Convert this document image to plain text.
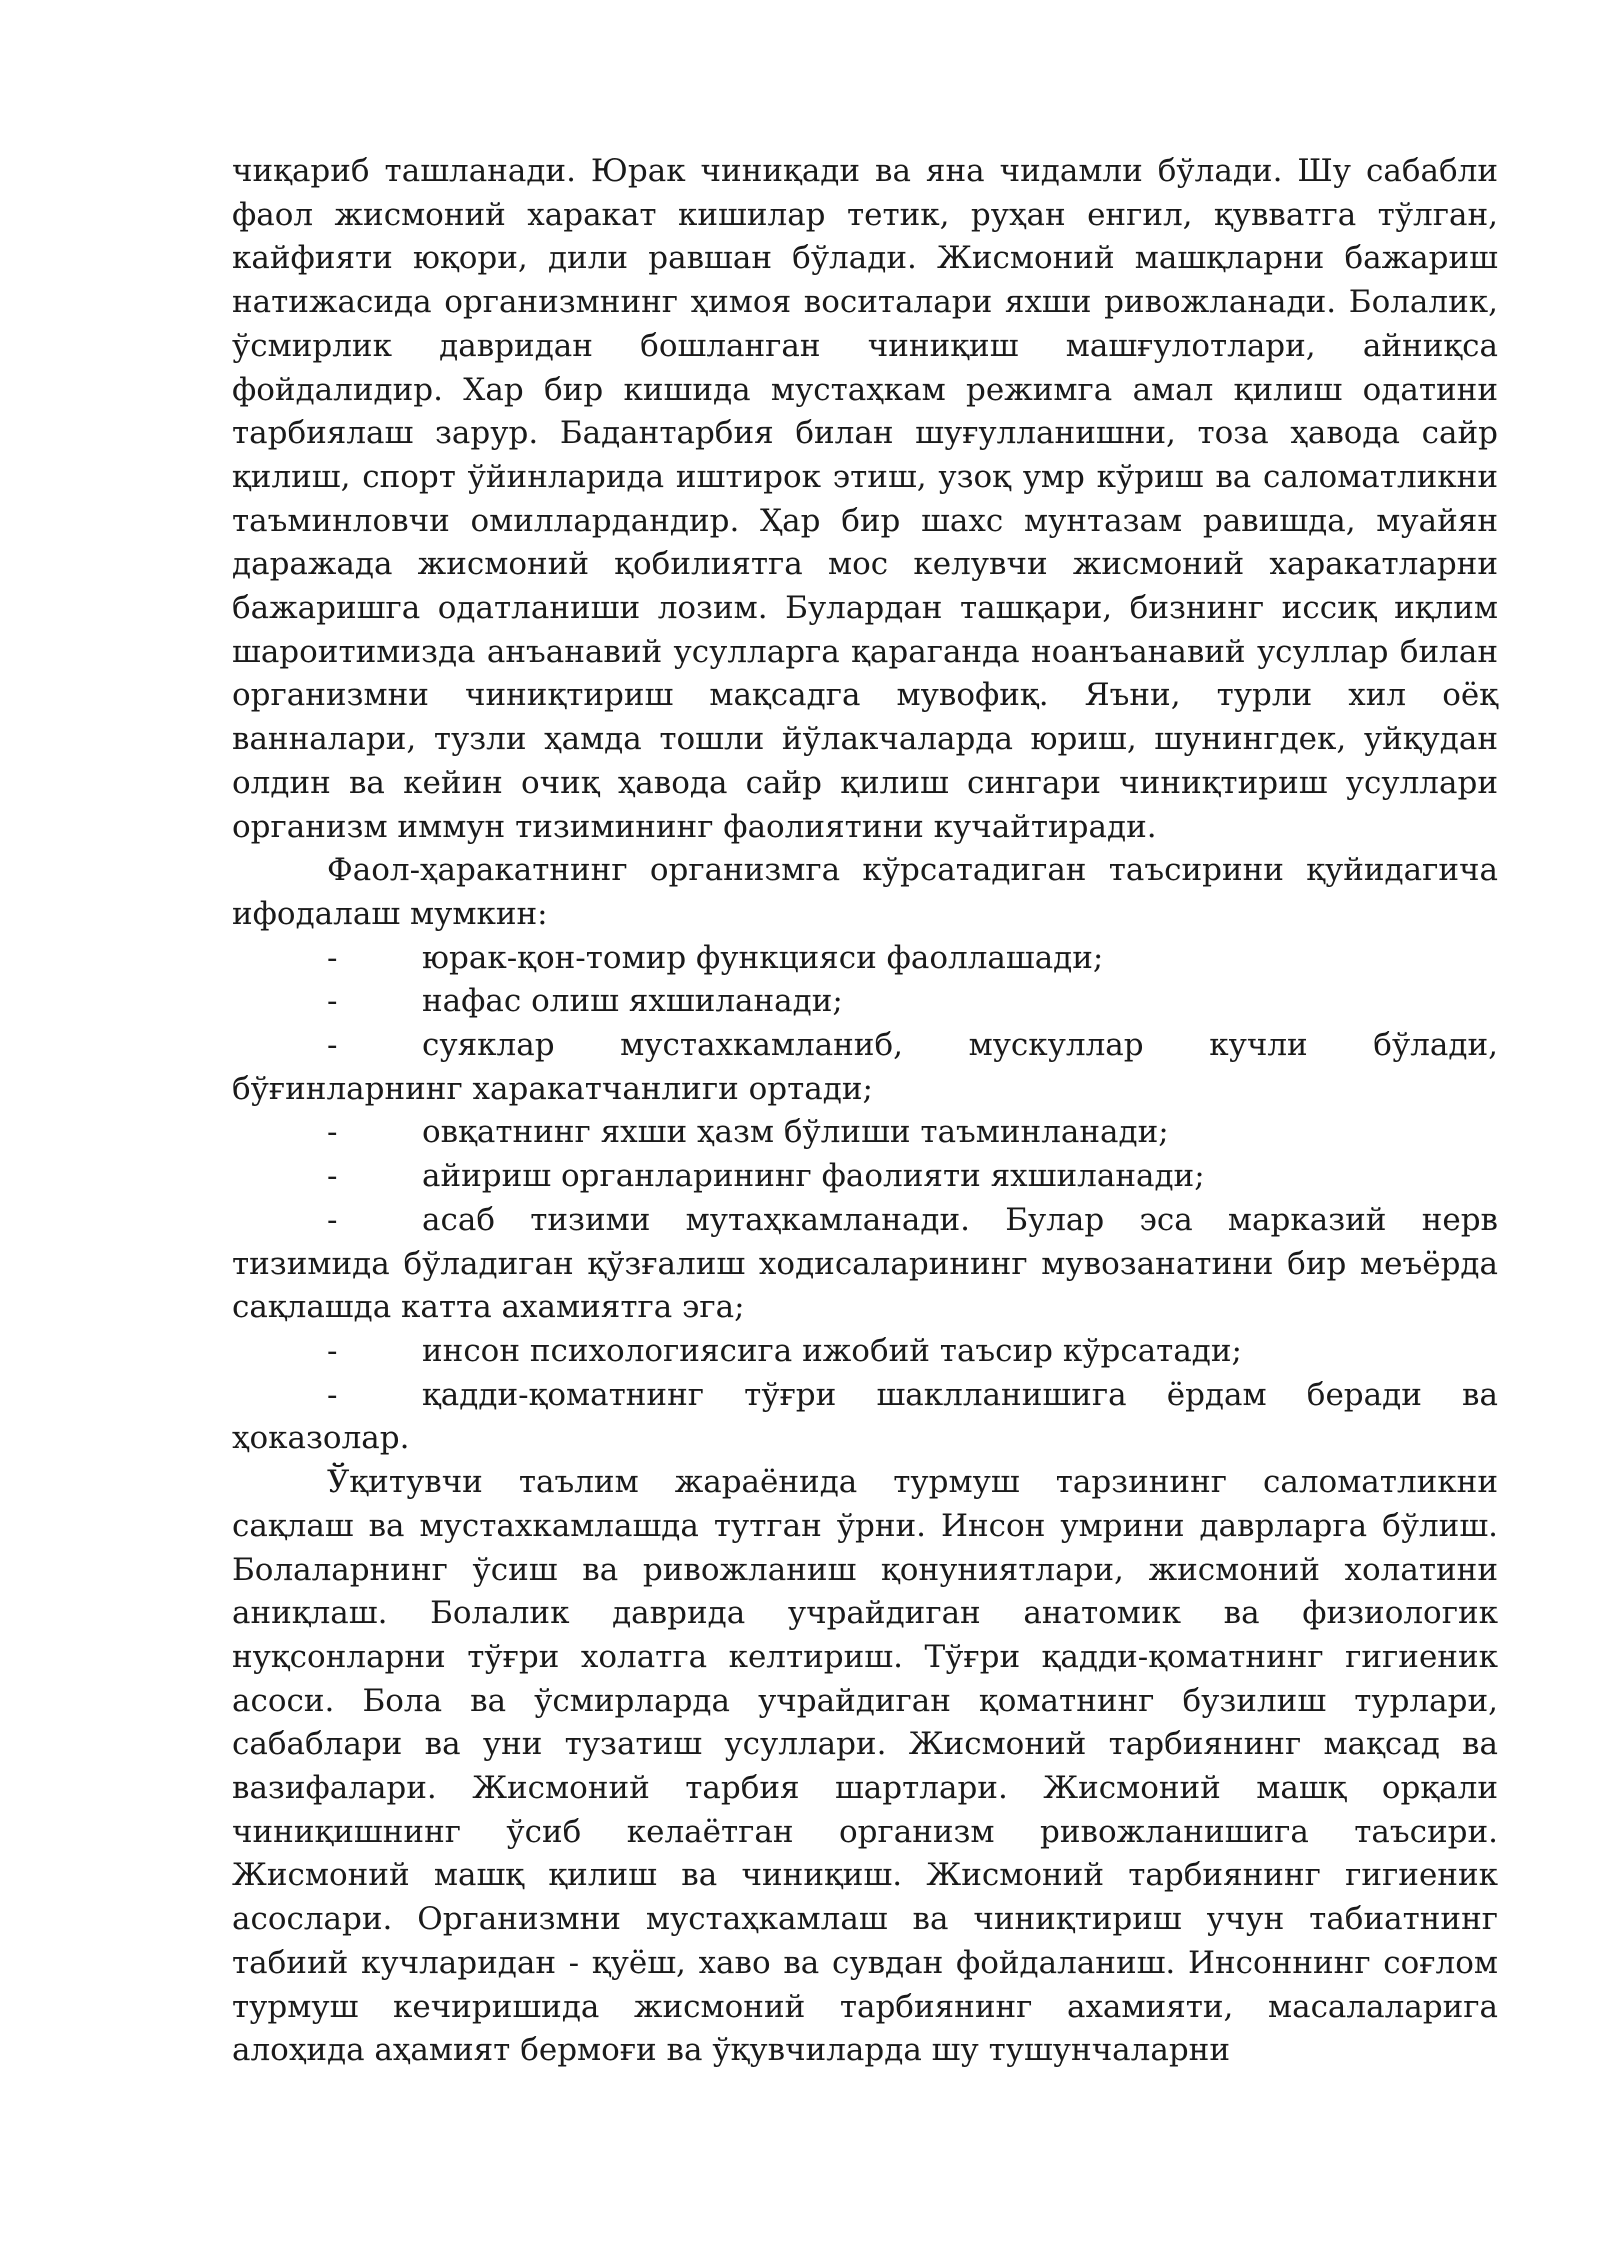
чиқариб ташланади. Юрак чиниқади ва яна чидамли бўлади. Шу сабабли фаол жисмоний харакат кишилар тетик, руҳан енгил, қувватга тўлган, кайфияти юқори, дили равшан бўлади. Жисмоний машқларни бажариш натижасида организмнинг ҳимоя воситалари яхши ривожланади. Болалик, ўсмирлик давридан бошланган чиниқиш машғулотлари, айниқса фойдалидир. Хар бир кишида мустаҳкам режимга амал қилиш одатини тарбиялаш зарур. Бадантарбия билан шуғулланишни, тоза ҳавода сайр қилиш, спорт ўйинларида иштирок этиш, узоқ умр кўриш ва саломатликни таъминловчи омиллардандир. Ҳар бир шахс мунтазам равишда, муайян даражада жисмоний қобилиятга мос келувчи жисмоний харакатларни бажаришга одатланиши лозим. Булардан ташқари, бизнинг иссиқ иқлим шароитимизда анъанавий усулларга қараганда ноанъанавий усуллар билан организмни чиниқтириш мақсадга мувофиқ. Яъни, турли хил оёқ ванналари, тузли ҳамда тошли йўлакчаларда юриш, шунингдек, уйқудан олдин ва кейин очиқ ҳавода сайр қилиш сингари чиниқтириш усуллари организм иммун тизимининг фаолиятини кучайтиради.

Фаол-ҳаракатнинг организмга кўрсатадиган таъсирини қуйидагича ифодалаш мумкин:

-	юрак-қон-томир функцияси фаоллашади;

-	нафас олиш яхшиланади;

-	суяклар мустахкамланиб, мускуллар кучли бўлади, бўғинларнинг харакатчанлиги ортади;

-	овқатнинг яхши ҳазм бўлиши таъминланади;

-	айириш органларининг фаолияти яхшиланади;

-	асаб тизими мутаҳкамланади. Булар эса марказий нерв тизимида бўладиган қўзғалиш ходисаларининг мувозанатини бир меъёрда сақлашда катта ахамиятга эга;

-	инсон психологиясига ижобий таъсир кўрсатади;

-	қадди-қоматнинг тўғри шаклланишига ёрдам беради ва ҳоказолар.

Ўқитувчи таълим жараёнида турмуш тарзининг саломатликни сақлаш ва мустахкамлашда тутган ўрни. Инсон умрини даврларга бўлиш. Болаларнинг ўсиш ва ривожланиш қонуниятлари, жисмоний холатини аниқлаш. Болалик даврида учрайдиган анатомик ва физиологик нуқсонларни тўғри холатга келтириш. Тўғри қадди-қоматнинг гигиеник асоси. Бола ва ўсмирларда учрайдиган қоматнинг бузилиш турлари, сабаблари ва уни тузатиш усуллари. Жисмоний тарбиянинг мақсад ва вазифалари. Жисмоний тарбия шартлари. Жисмоний машқ орқали чиниқишнинг ўсиб келаётган организм ривожланишига таъсири. Жисмоний машқ қилиш ва чиниқиш. Жисмоний тарбиянинг гигиеник асослари. Организмни мустаҳкамлаш ва чиниқтириш учун табиатнинг табиий кучларидан - қуёш, хаво ва сувдан фойдаланиш. Инсоннинг соғлом турмуш кечиришида жисмоний тарбиянинг ахамияти, масалаларига алоҳида аҳамият бермоғи ва ўқувчиларда шу тушунчаларни
